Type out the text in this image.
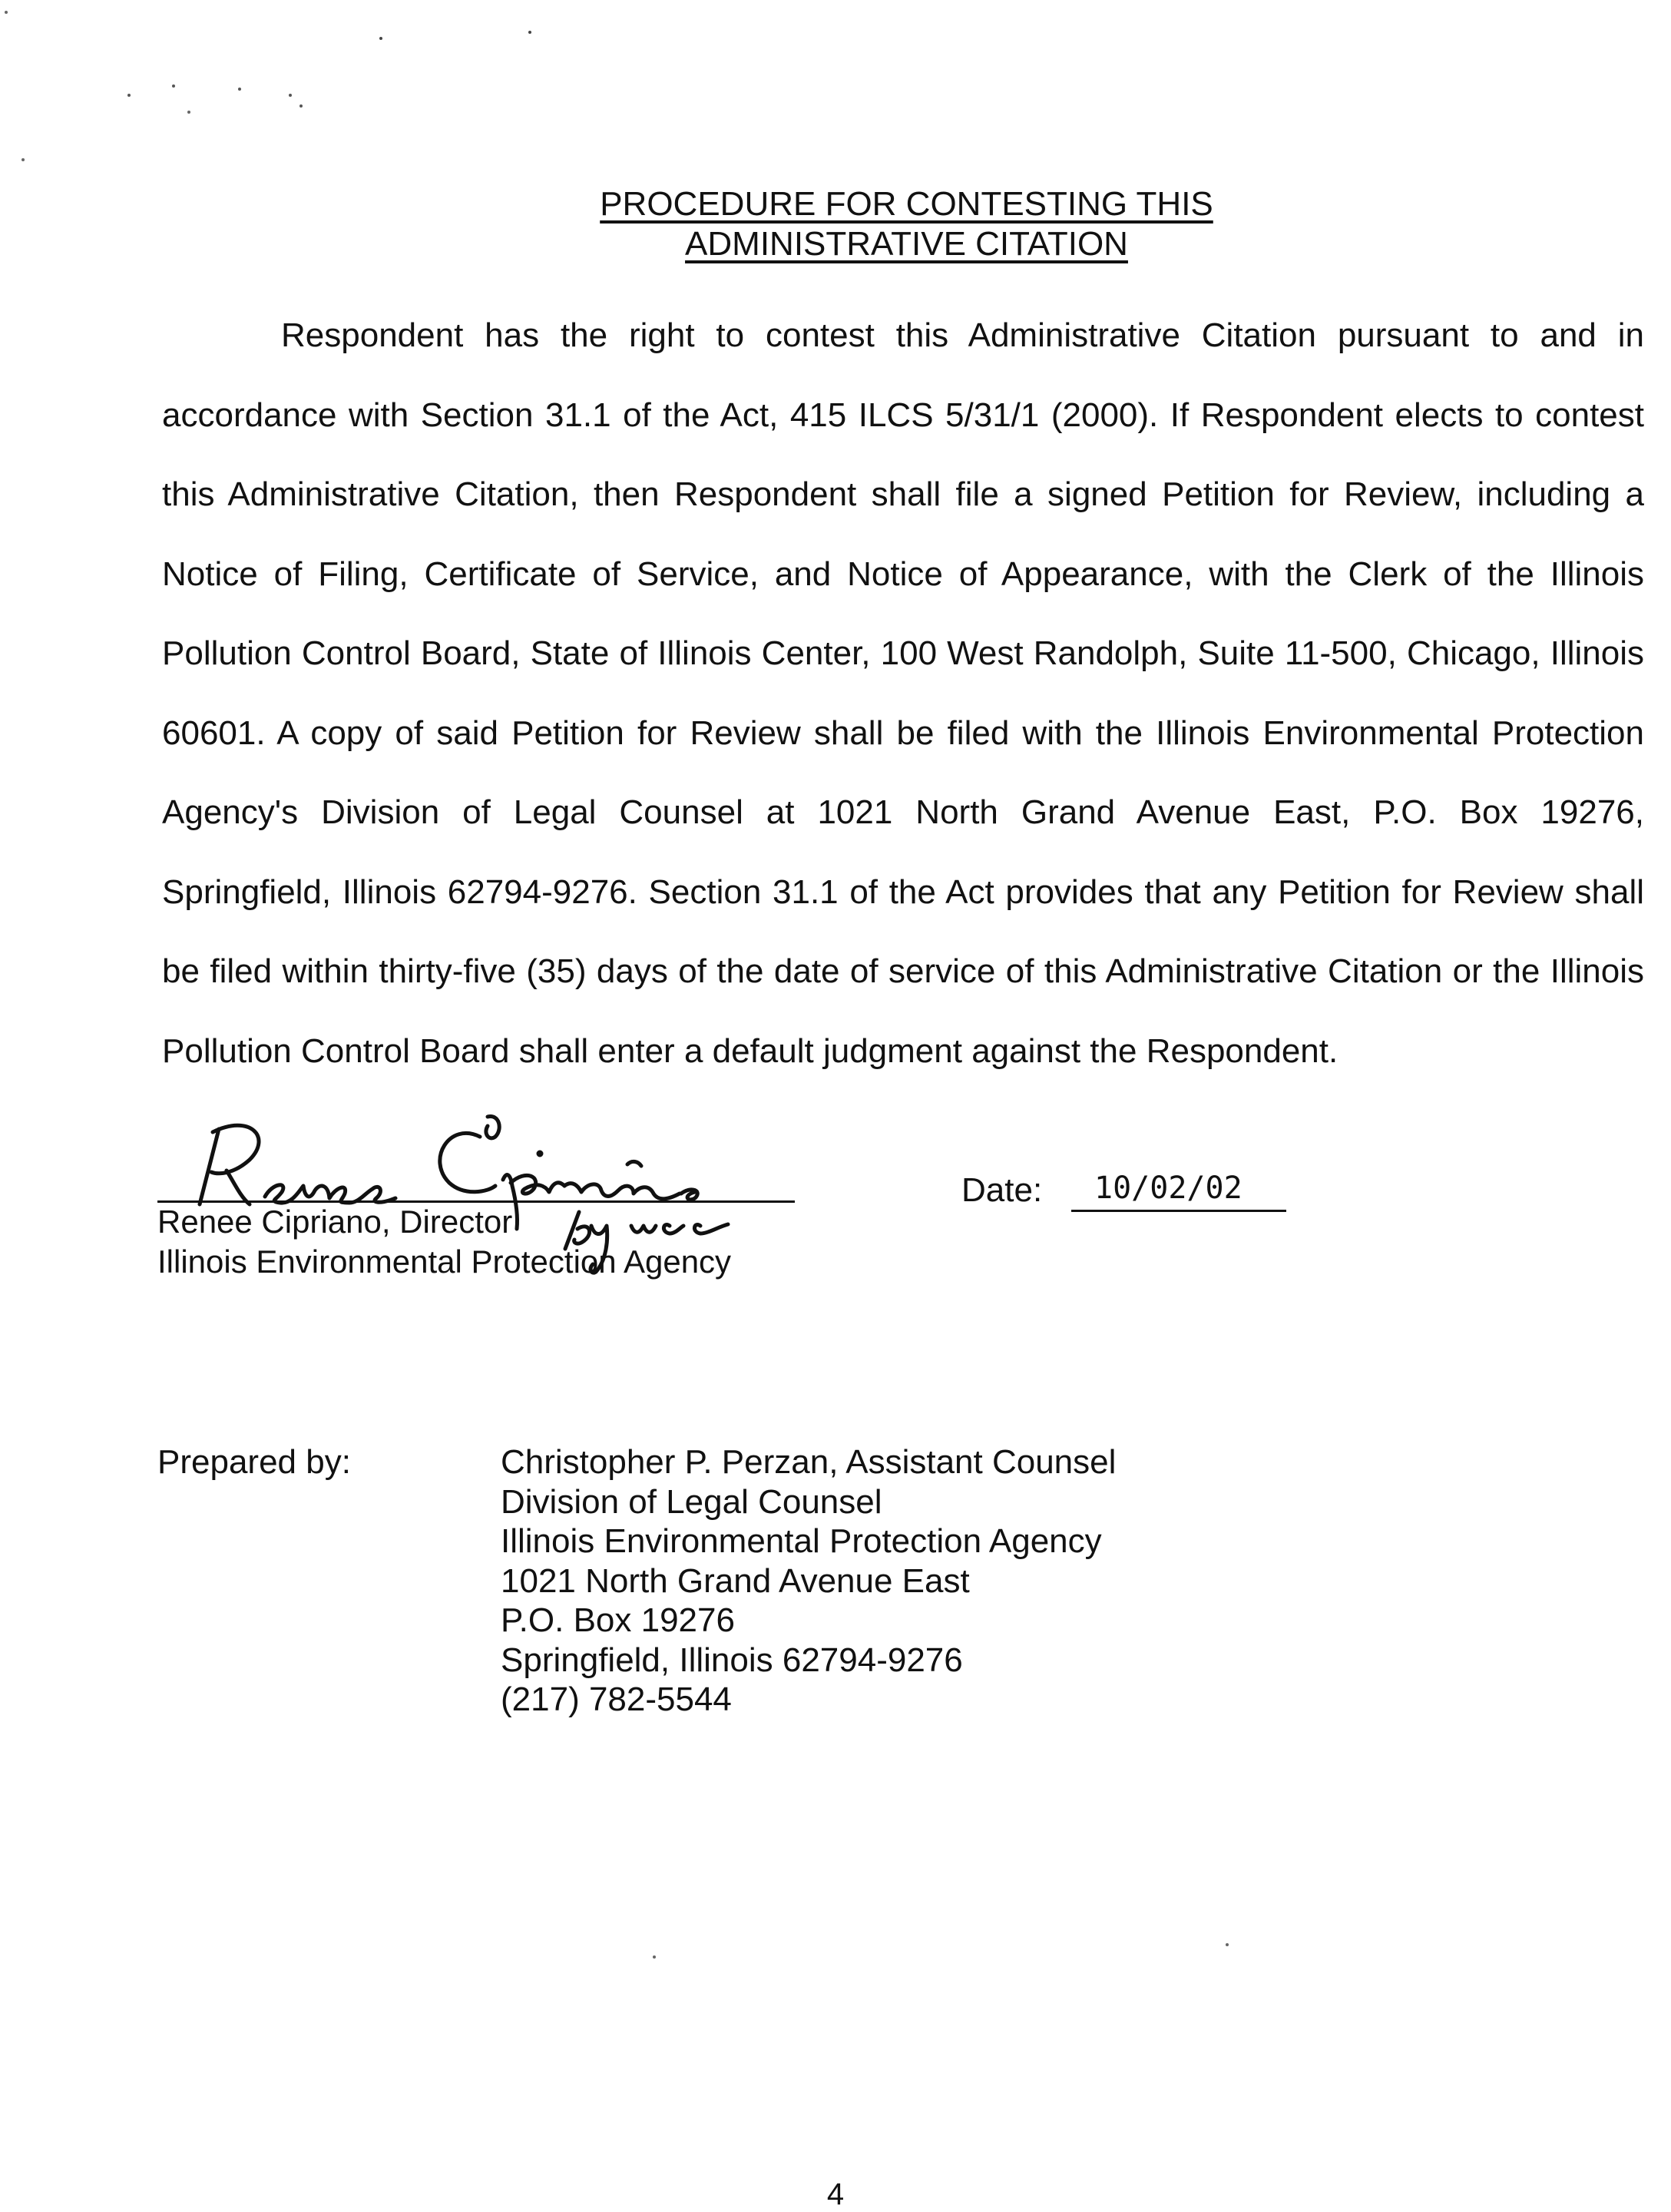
PROCEDURE FOR CONTESTING THIS
ADMINISTRATIVE CITATION
Respondent has the right to contest this Administrative Citation pursuant to and in accordance with Section 31.1 of the Act, 415 ILCS 5/31/1 (2000). If Respondent elects to contest this Administrative Citation, then Respondent shall file a signed Petition for Review, including a Notice of Filing, Certificate of Service, and Notice of Appearance, with the Clerk of the Illinois Pollution Control Board, State of Illinois Center, 100 West Randolph, Suite 11-500, Chicago, Illinois 60601. A copy of said Petition for Review shall be filed with the Illinois Environmental Protection Agency's Division of Legal Counsel at 1021 North Grand Avenue East, P.O. Box 19276, Springfield, Illinois 62794-9276. Section 31.1 of the Act provides that any Petition for Review shall be filed within thirty-five (35) days of the date of service of this Administrative Citation or the Illinois Pollution Control Board shall enter a default judgment against the Respondent.
Renee Cipriano, Director
Illinois Environmental Protection Agency
Date:	10/02/02
Prepared by:	Christopher P. Perzan, Assistant Counsel
Division of Legal Counsel
Illinois Environmental Protection Agency
1021 North Grand Avenue East
P.O. Box 19276
Springfield, Illinois 62794-9276
(217) 782-5544
4
